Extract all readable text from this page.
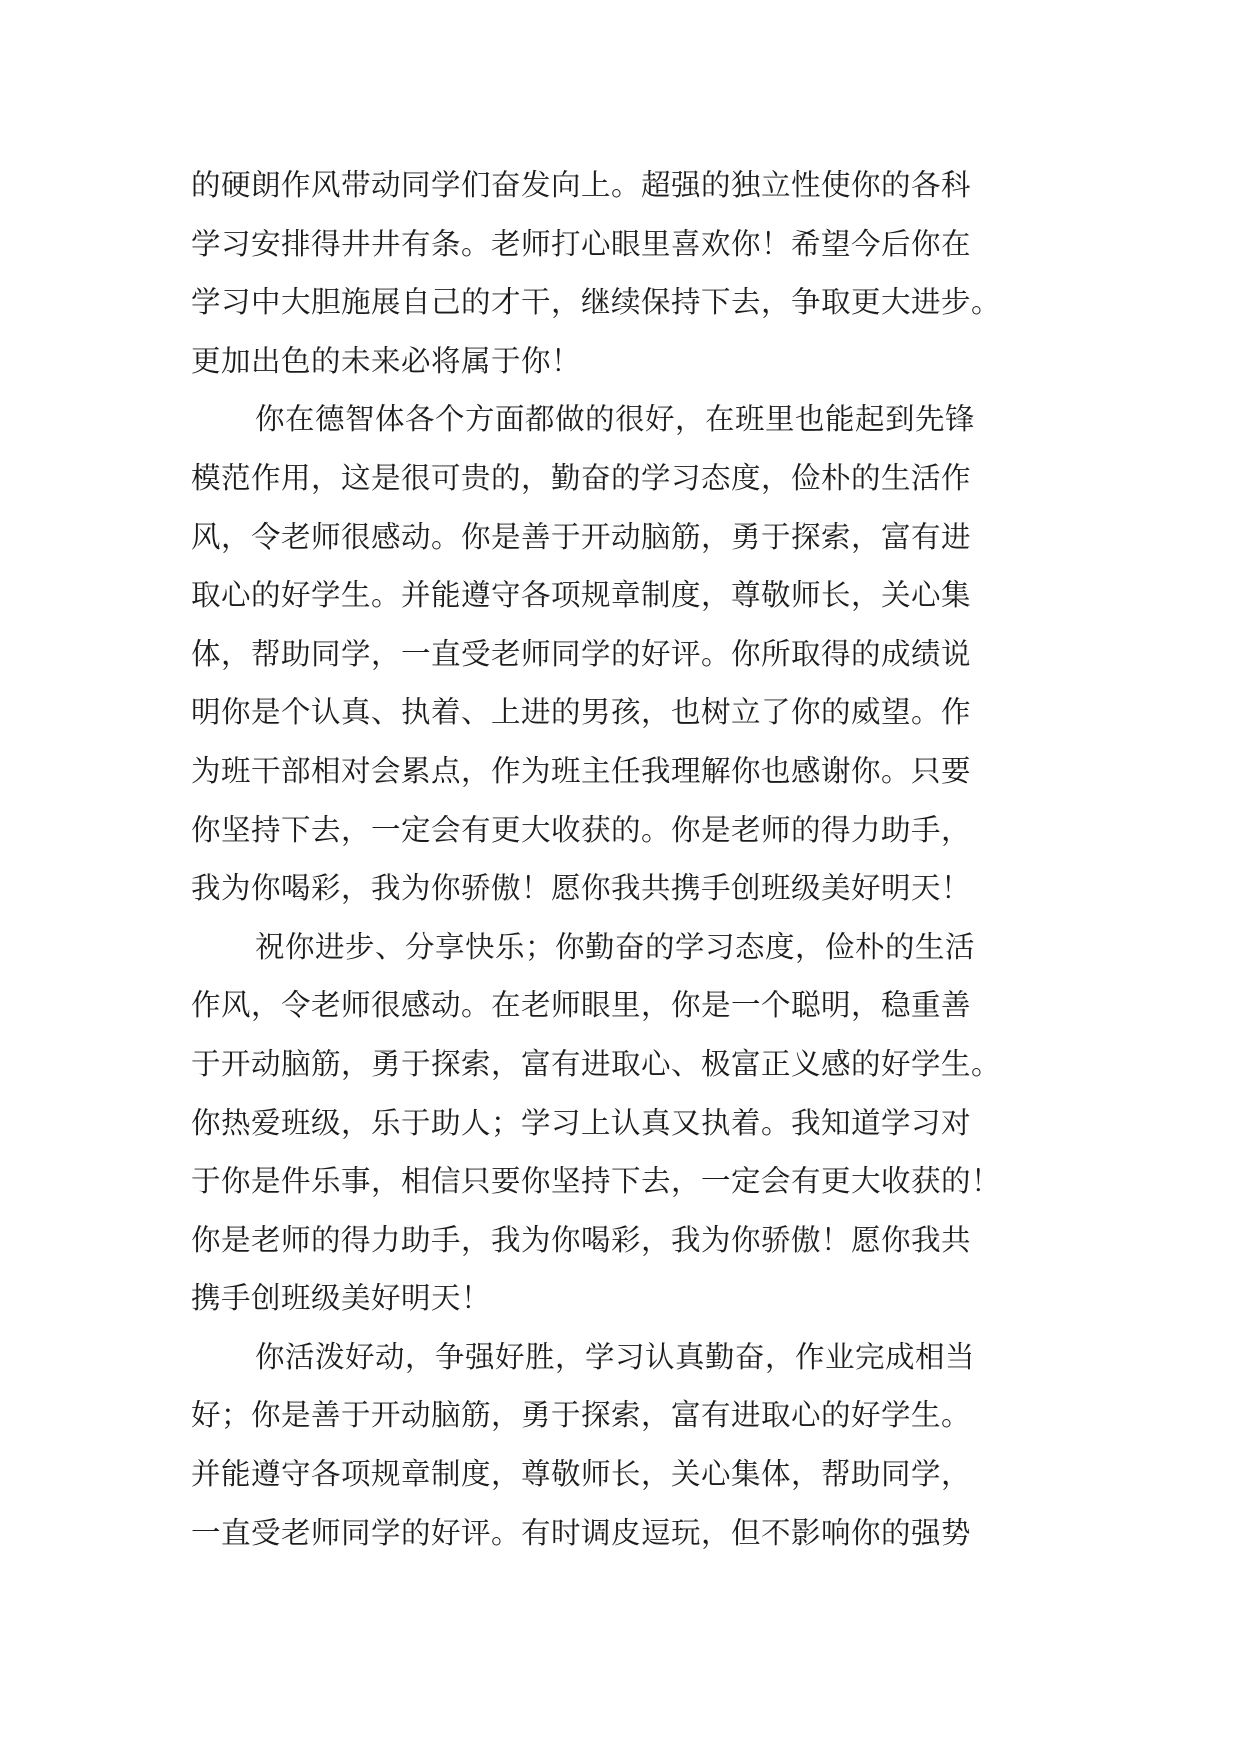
的硬朗作风带动同学们奋发向上。超强的独立性使你的各科
学习安排得井井有条。老师打心眼里喜欢你！希望今后你在
学习中大胆施展自己的才干，继续保持下去，争取更大进步。
更加出色的未来必将属于你！
你在德智体各个方面都做的很好，在班里也能起到先锋
模范作用，这是很可贵的，勤奋的学习态度，俭朴的生活作
风，令老师很感动。你是善于开动脑筋，勇于探索，富有进
取心的好学生。并能遵守各项规章制度，尊敬师长，关心集
体，帮助同学，一直受老师同学的好评。你所取得的成绩说
明你是个认真、执着、上进的男孩，也树立了你的威望。作
为班干部相对会累点，作为班主任我理解你也感谢你。只要
你坚持下去，一定会有更大收获的。你是老师的得力助手，
我为你喝彩，我为你骄傲！愿你我共携手创班级美好明天！
祝你进步、分享快乐；你勤奋的学习态度，俭朴的生活
作风，令老师很感动。在老师眼里，你是一个聪明，稳重善
于开动脑筋，勇于探索，富有进取心、极富正义感的好学生。
你热爱班级，乐于助人；学习上认真又执着。我知道学习对
于你是件乐事，相信只要你坚持下去，一定会有更大收获的！
你是老师的得力助手，我为你喝彩，我为你骄傲！愿你我共
携手创班级美好明天！
你活泼好动，争强好胜，学习认真勤奋，作业完成相当
好；你是善于开动脑筋，勇于探索，富有进取心的好学生。
并能遵守各项规章制度，尊敬师长，关心集体，帮助同学，
一直受老师同学的好评。有时调皮逗玩，但不影响你的强势
